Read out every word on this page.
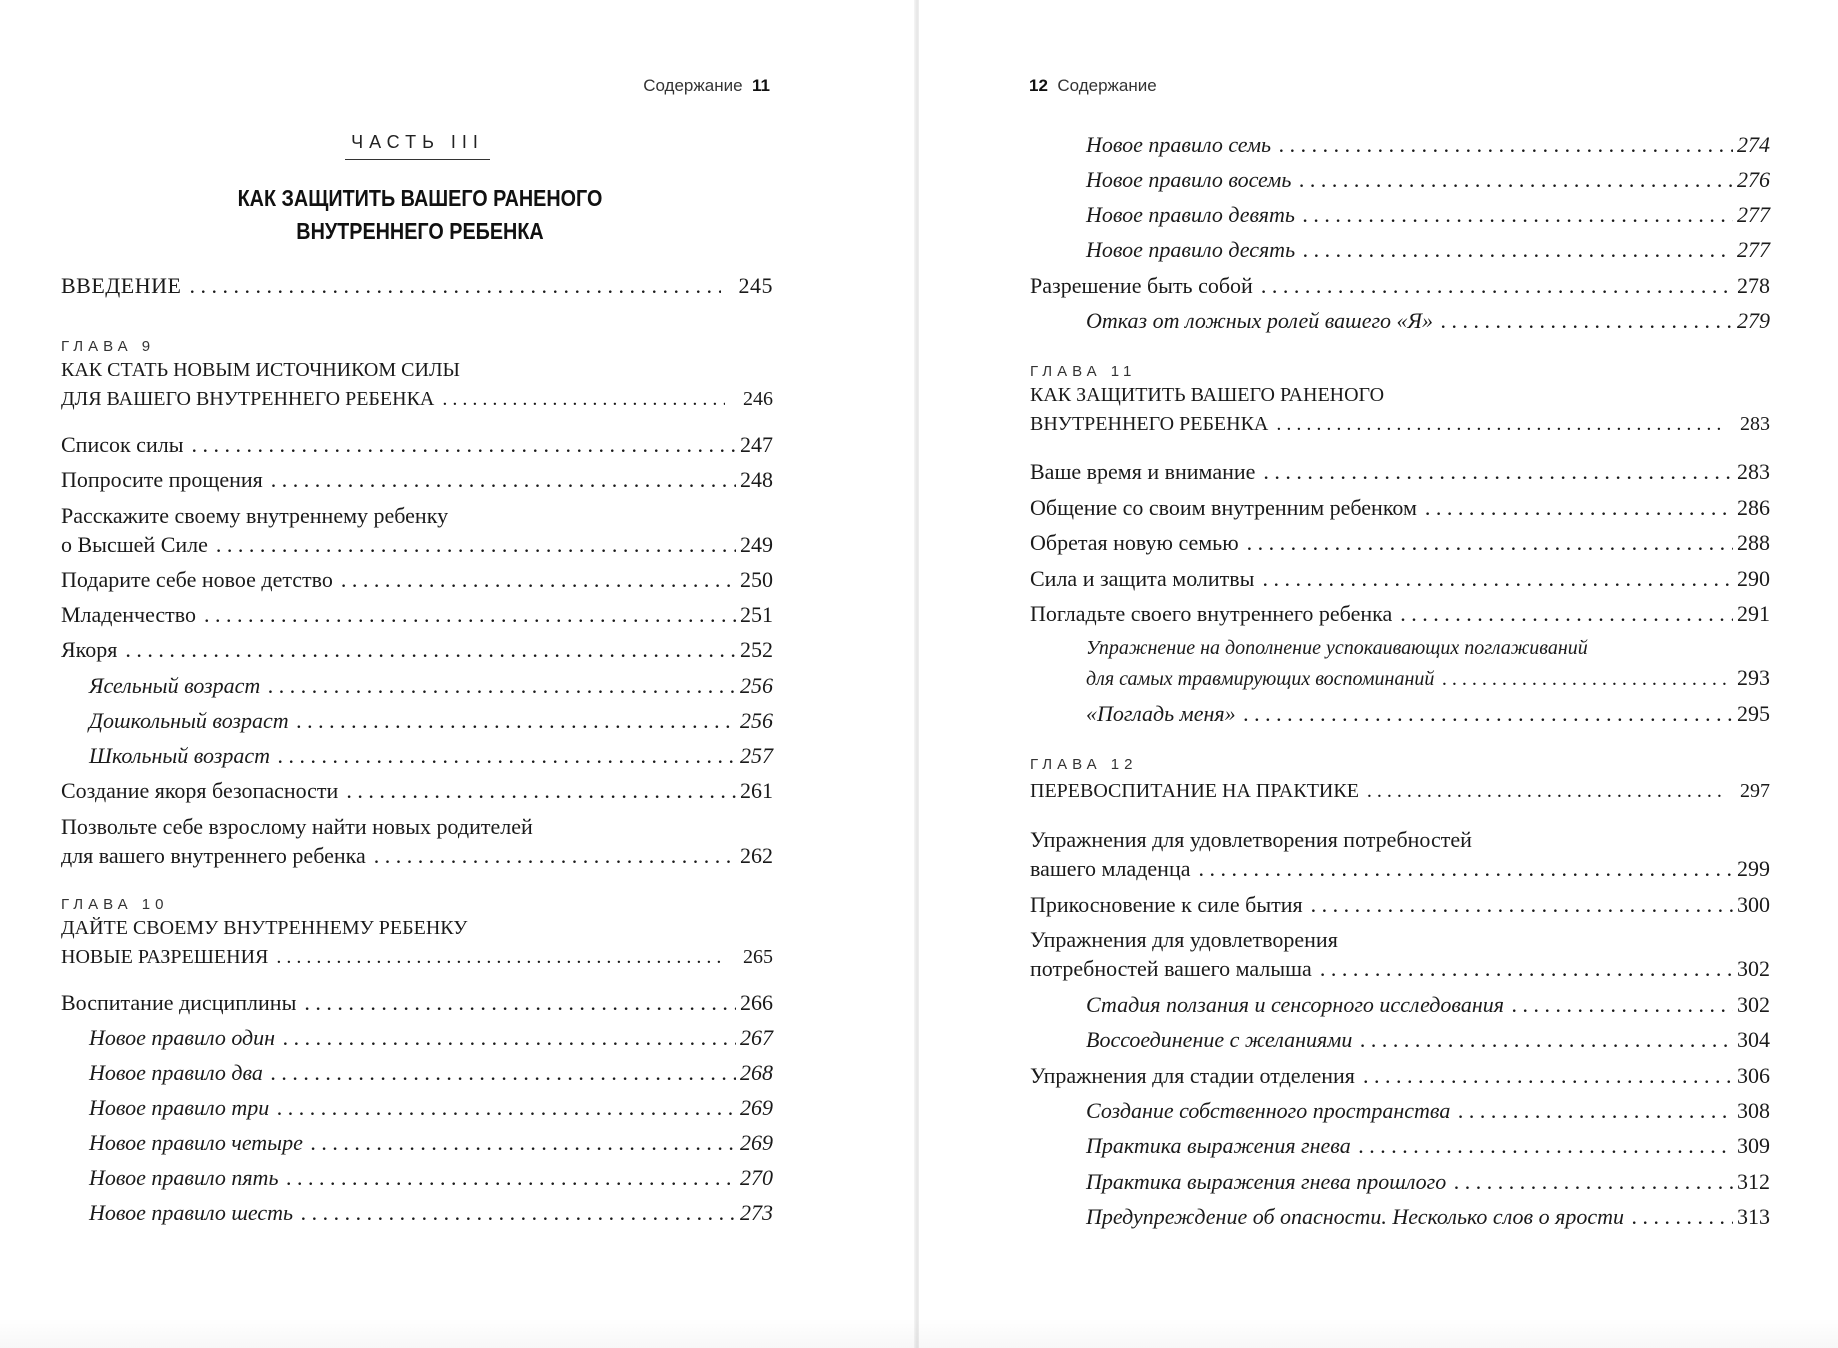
Содержание 11
ЧАСТЬ III
КАК ЗАЩИТИТЬ ВАШЕГО РАНЕНОГО
ВНУТРЕННЕГО РЕБЕНКА
ВВЕДЕНИЕ . . .	245
ГЛАВА 9
КАК СТАТЬ НОВЫМ ИСТОЧНИКОМ СИЛЫ
ДЛЯ ВАШЕГО ВНУТРЕННЕГО РЕБЕНКА . . .	246
Список силы . . .	247
Попросите прощения . . .	248
Расскажите своему внутреннему ребенку
о Высшей Силе . . .	249
Подарите себе новое детство . . .	250
Младенчество . . .	251
Якоря . . .	252
Ясельный возраст . . .	256
Дошкольный возраст . . .	256
Школьный возраст . . .	257
Создание якоря безопасности . . .	261
Позвольте себе взрослому найти новых родителей
для вашего внутреннего ребенка . . .	262
ГЛАВА 10
ДАЙТЕ СВОЕМУ ВНУТРЕННЕМУ РЕБЕНКУ
НОВЫЕ РАЗРЕШЕНИЯ . . .	265
Воспитание дисциплины . . .	266
Новое правило один . . .	267
Новое правило два . . .	268
Новое правило три . . .	269
Новое правило четыре . . .	269
Новое правило пять . . .	270
Новое правило шесть . . .	273
12 Содержание
Новое правило семь . . .	274
Новое правило восемь . . .	276
Новое правило девять . . .	277
Новое правило десять . . .	277
Разрешение быть собой . . .	278
Отказ от ложных ролей вашего «Я» . . .	279
ГЛАВА 11
КАК ЗАЩИТИТЬ ВАШЕГО РАНЕНОГО
ВНУТРЕННЕГО РЕБЕНКА . . .	283
Ваше время и внимание . . .	283
Общение со своим внутренним ребенком . . .	286
Обретая новую семью . . .	288
Сила и защита молитвы . . .	290
Погладьте своего внутреннего ребенка . . .	291
Упражнение на дополнение успокаивающих поглаживаний
для самых травмирующих воспоминаний . . .	293
«Погладь меня» . . .	295
ГЛАВА 12
ПЕРЕВОСПИТАНИЕ НА ПРАКТИКЕ . . .	297
Упражнения для удовлетворения потребностей
вашего младенца . . .	299
Прикосновение к силе бытия . . .	300
Упражнения для удовлетворения
потребностей вашего малыша . . .	302
Стадия ползания и сенсорного исследования . . .	302
Воссоединение с желаниями . . .	304
Упражнения для стадии отделения . . .	306
Создание собственного пространства . . .	308
Практика выражения гнева . . .	309
Практика выражения гнева прошлого . . .	312
Предупреждение об опасности. Несколько слов о ярости . . .	313
